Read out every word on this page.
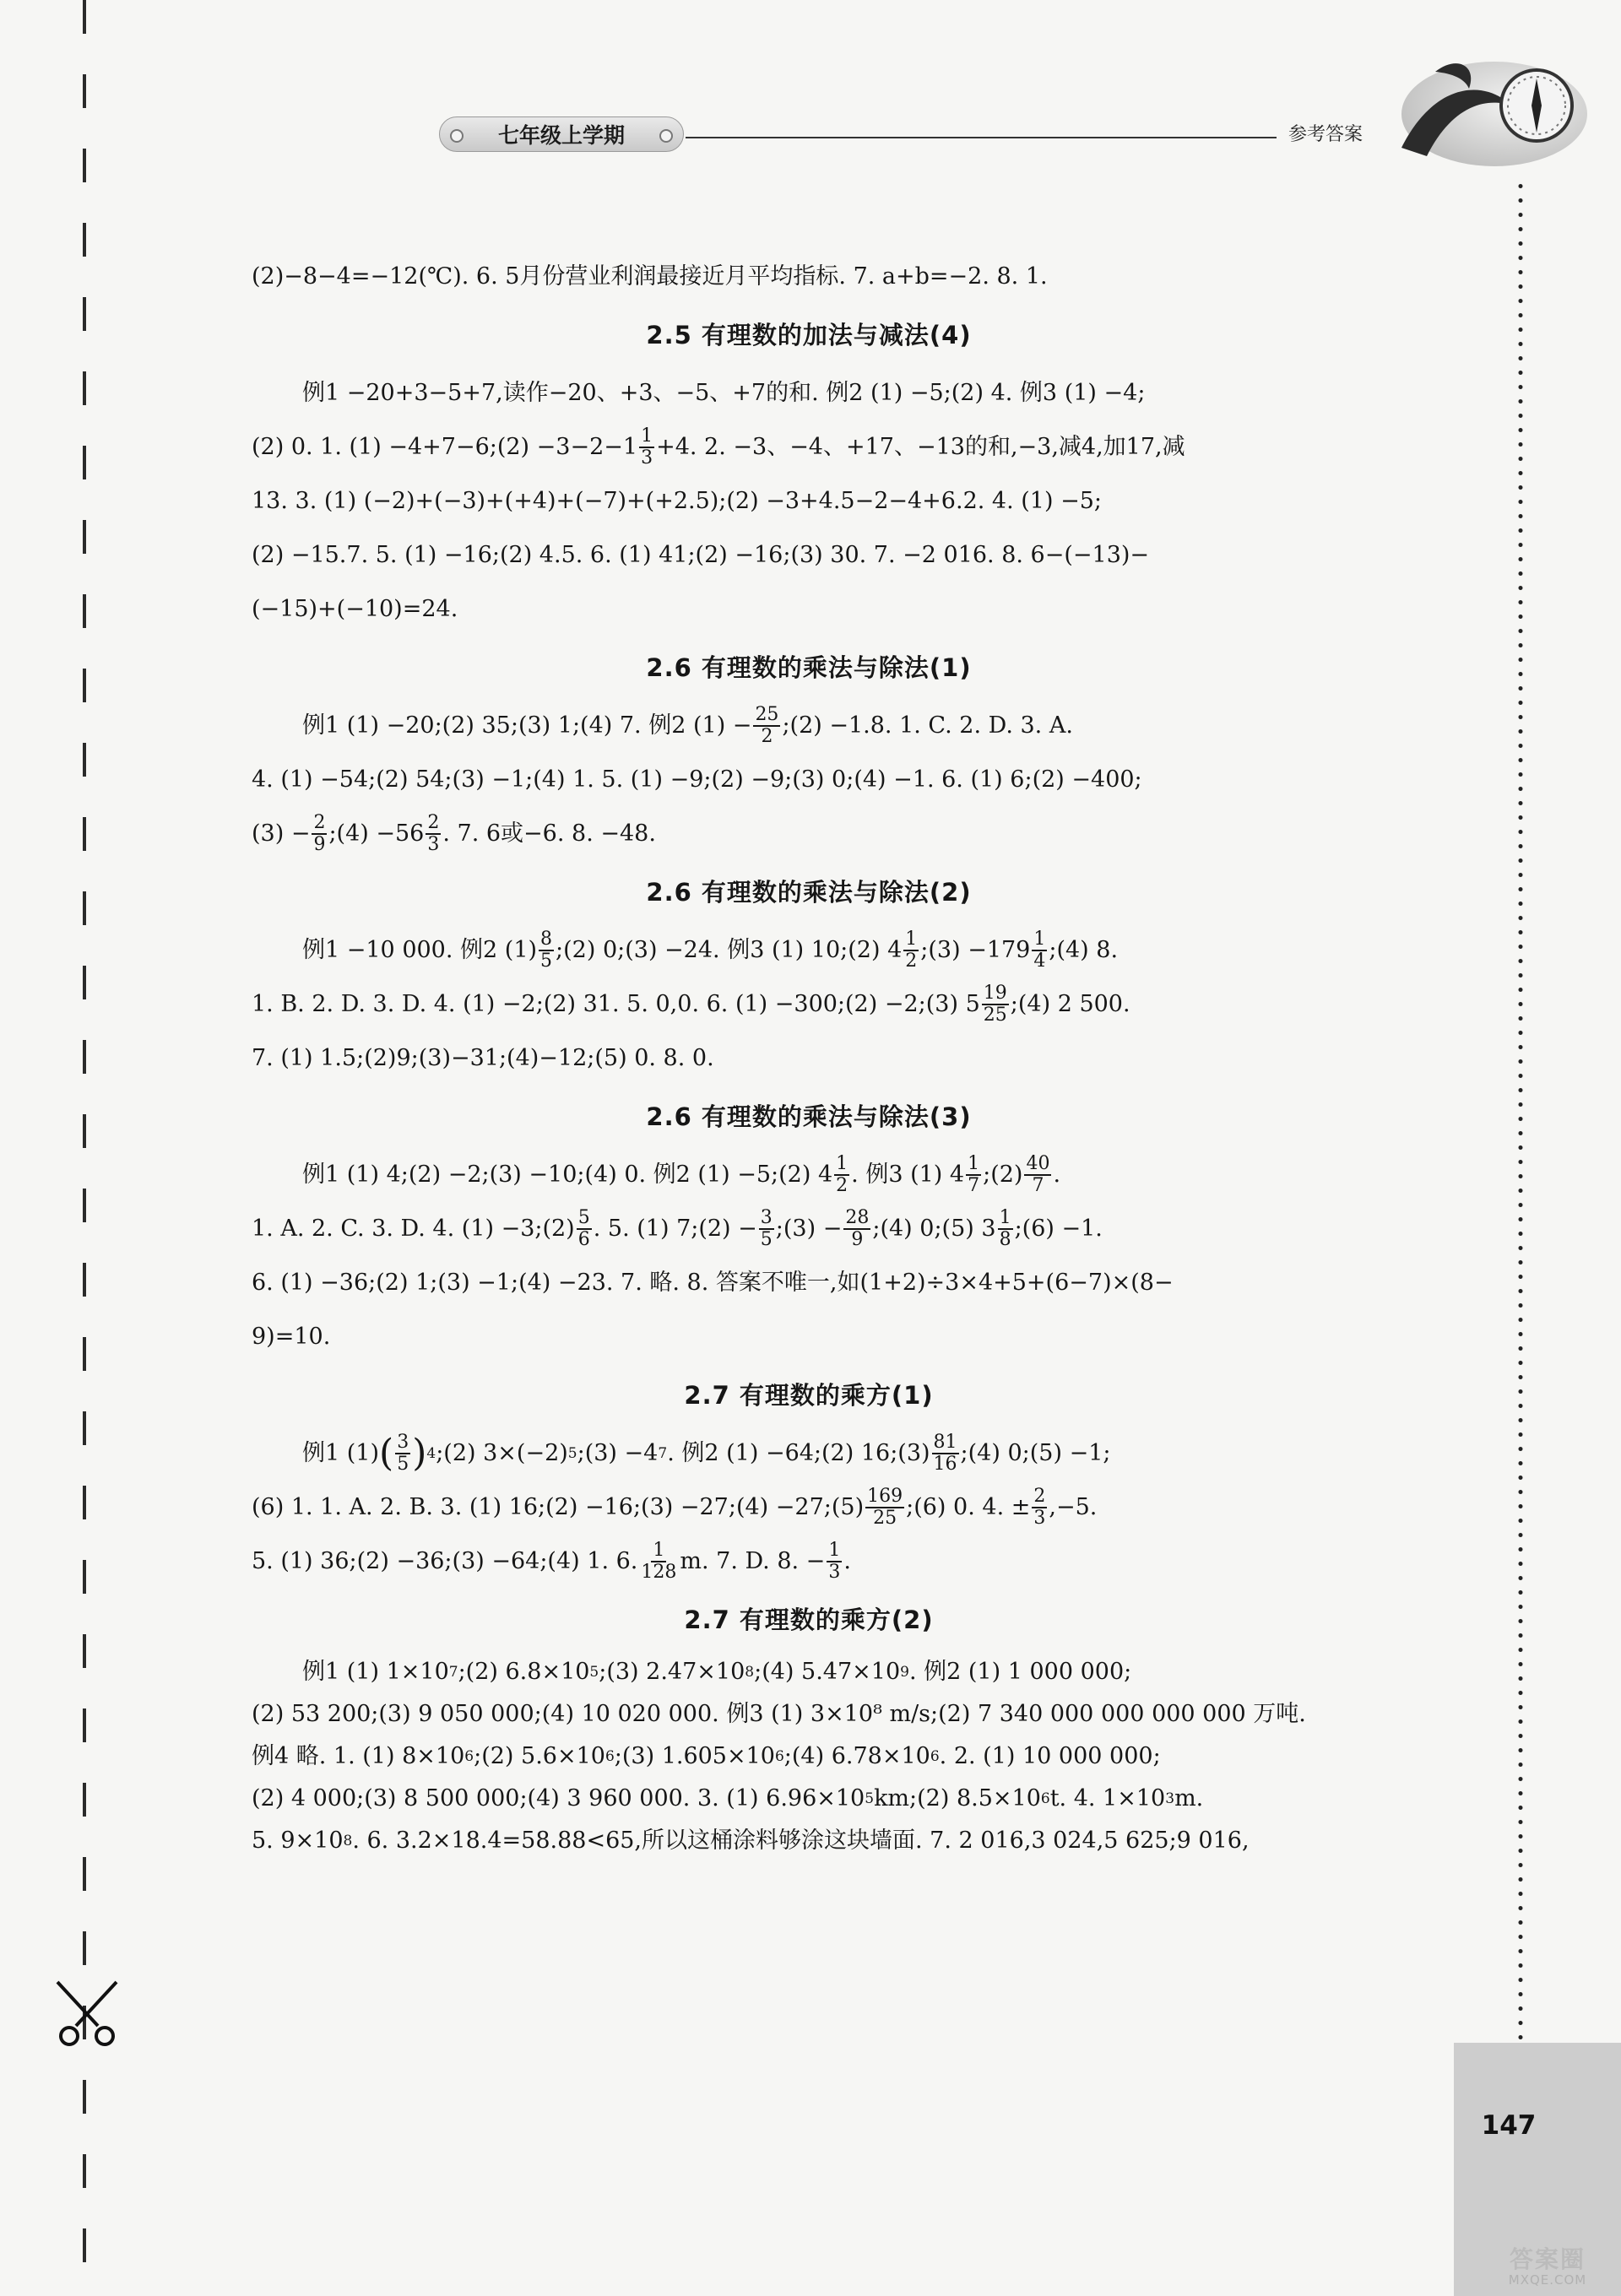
七年级上学期	参考答案
147
(2)−8−4=−12(℃). 6. 5月份营业利润最接近月平均指标. 7. a+b=−2. 8. 1.
2.5 有理数的加法与减法(4)
例1 −20+3−5+7,读作−20、+3、−5、+7的和. 例2 (1) −5;(2) 4. 例3 (1) −4;
(2) 0. 1. (1) −4+7−6;(2) $-3-2-1 \frac{1}{3} +4$. 2. −3、−4、+17、−13的和,−3,减4,加17,减
13. 3. (1) (−2)+(−3)+(+4)+(−7)+(+2.5);(2) −3+4.5−2−4+6.2. 4. (1) −5;
(2) −15.7. 5. (1) −16;(2) 4.5. 6. (1) 41;(2) −16;(3) 30. 7. −2 016. 8. 6−(−13)−
(−15)+(−10)=24.
2.6 有理数的乘法与除法(1)
例1 (1) −20;(2) 35;(3) 1;(4) 7. 例2 $(1) - \frac{25}{2}$ ;(2) −1.8. 1. C. 2. D. 3. A.
4. (1) −54;(2) 54;(3) −1;(4) 1. 5. (1) −9;(2) −9;(3) 0;(4) −1. 6. (1) 6;(2) −400;
$(3) - \frac{2}{9}$ ;(4) $-56 \frac{2}{3}$ . 7. 6或−6. 8. −48.
2.6 有理数的乘法与除法(2)
例1 −10 000. 例2 $(1) \frac{8}{5}$ ;(2) 0;(3) −24. 例3 (1) 10;(2) $4 \frac{1}{2}$ ;(3) $-179 \frac{1}{4}$ ;(4) 8.
1. B. 2. D. 3. D. 4. (1) −2;(2) 31. 5. 0,0. 6. (1) −300;(2) −2;(3) $5 \frac{19}{25}$ ;(4) 2 500.
7. (1) 1.5;(2)9;(3)−31;(4)−12;(5) 0. 8. 0.
2.6 有理数的乘法与除法(3)
例1 (1) 4;(2) −2;(3) −10;(4) 0. 例2 (1) −5;(2) $4 \frac{1}{2}$ . 例3 (1) $4 \frac{1}{7}$ ;(2) $\frac{40}{7}$ .
1. A. 2. C. 3. D. 4. (1) −3;(2) $\frac{5}{6}$ . 5. (1) 7;(2) − $\frac{3}{5}$ ;(3) − $\frac{28}{9}$ ;(4) 0;(5) $3 \frac{1}{8}$ ;(6) −1.
6. (1) −36;(2) 1;(3) −1;(4) −23. 7. 略. 8. 答案不唯一,如(1+2)÷3×4+5+(6−7)×(8−
9)=10.
2.7 有理数的乘方(1)
例1 (1) ( $\frac{3}{5}$ ) 4 ;(2) 3×(−2) 5 ;(3) −4 7 . 例2 (1) −64;(2) 16;(3) $\frac{81}{16}$ ;(4) 0;(5) −1;
(6) 1. 1. A. 2. B. 3. (1) 16;(2) −16;(3) −27;(4) −27;(5) $\frac{169}{25}$ ;(6) 0. 4. ± $\frac{2}{3} ,-5$.
5. (1) 36;(2) −36;(3) −64;(4) 1. 6. $\frac{1}{128} m$. 7. D. 8. − $\frac{1}{3}$ .
2.7 有理数的乘方(2)
例1 (1) 1×10 7 ;(2) 6.8×10 5 ;(3) 2.47×10 8 ;(4) 5.47×10 9 . 例2 (1) 1 000 000;
(2) 53 200;(3) 9 050 000;(4) 10 020 000. 例3 (1) 3×10⁸ m/s;(2) 7 340 000 000 000 000 万吨.
例4 略. 1. (1) 8×10 6 ;(2) 5.6×10 6 ;(3) 1.605×10 6 ;(4) 6.78×10 6 . 2. (1) 10 000 000;
(2) 4 000;(3) 8 500 000;(4) 3 960 000. 3. (1) 6.96×10 5 km;(2) 8.5×10 6 t. 4. 1×10 3 m.
5. 9×10 8 . 6. 3.2×18.4=58.88<65,所以这桶涂料够涂这块墙面. 7. 2 016,3 024,5 625;9 016,
答案圈
MXQE.COM
